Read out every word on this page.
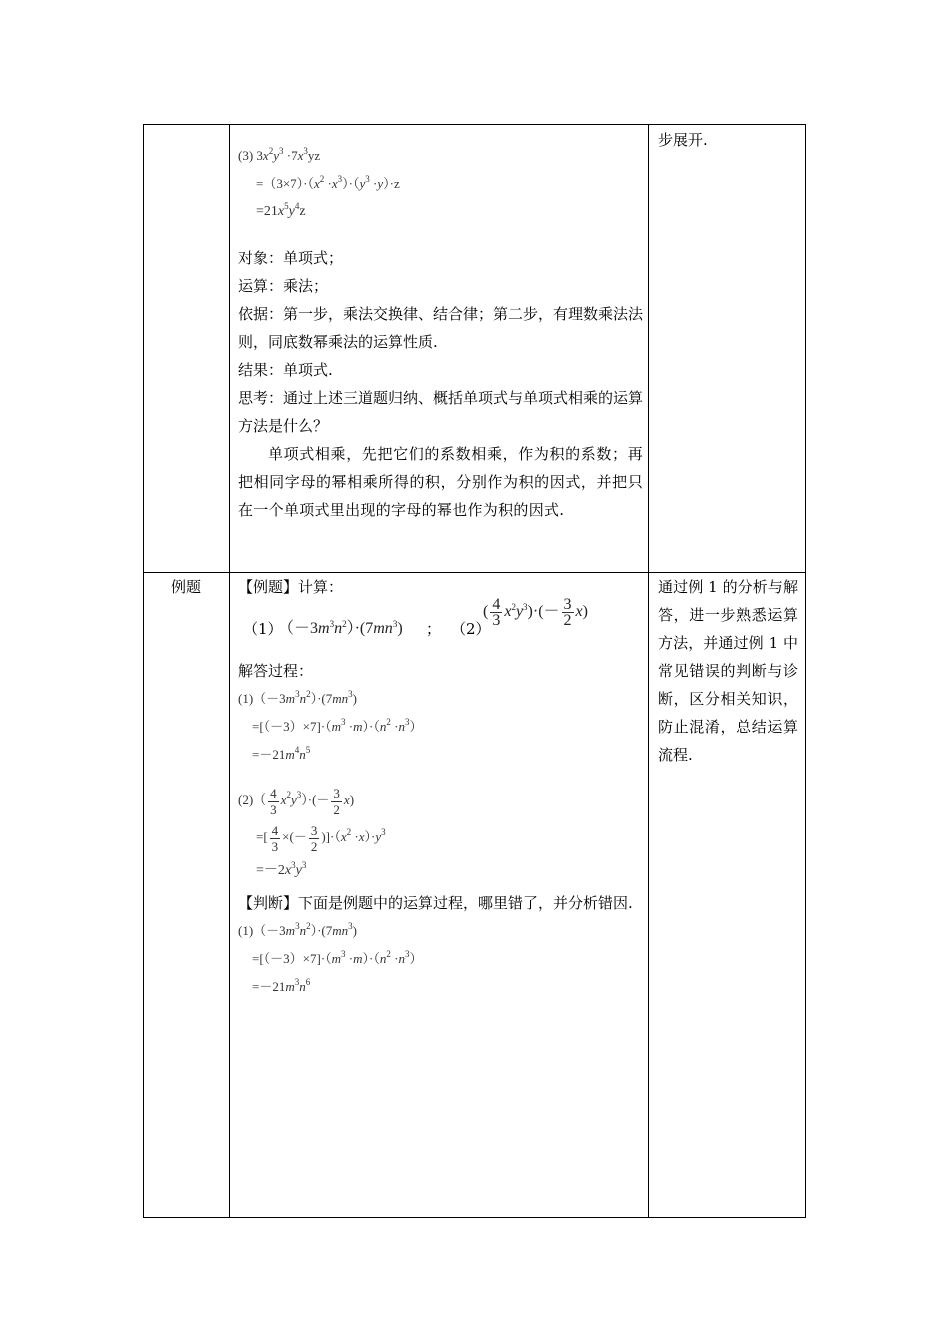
(3) $3x^2y^3 \cdot 7x^3yz$
$=(3\times 7)\cdot(x^2 \cdot x^3)\cdot(y^3 \cdot y)\cdot z$
$=21x^5y^4z$
对象：单项式；
运算：乘法；
依据：第一步，乘法交换律、结合律；第二步，有理数乘法法则，同底数幂乘法的运算性质.
结果：单项式.
思考：通过上述三道题归纳、概括单项式与单项式相乘的运算方法是什么？
单项式相乘，先把它们的系数相乘，作为积的系数；再把相同字母的幂相乘所得的积，分别作为积的因式，并把只在一个单项式里出现的字母的幂也作为积的因式.
步展开.
例题	【例题】计算：
（1）
$(-3m^3n^2)\cdot(7mn^3)$ ； （2）
( $\frac{4}{3} x^2y^3)\cdot(- \frac{3}{2} x)$
解答过程：
$(1)(-3m^3n^2)\cdot(7mn^3)$
$=[(-3)\times 7]\cdot(m^3 \cdot m)\cdot(n^2 \cdot n^3)$
$=-21m^4n^5$
$(2)( \frac{4}{3} x^2y^3)\cdot(- \frac{3}{2} x)$
=[ $\frac{4}{3}$ ×(－ $\frac{3}{2} )]\cdot(x^2 \cdot x)\cdot y^3$
$=-2x^3y^3$
【判断】下面是例题中的运算过程，哪里错了，并分析错因.
$(1)(-3m^3n^2)\cdot(7mn^3)$
$=[(-3)\times 7]\cdot(m^3 \cdot m)\cdot(n^2 \cdot n^3)$
$=-21m^3n^6$
通过例 1 的分析与解答，进一步熟悉运算方法，并通过例 1 中常见错误的判断与诊断，区分相关知识，防止混淆，总结运算流程.
